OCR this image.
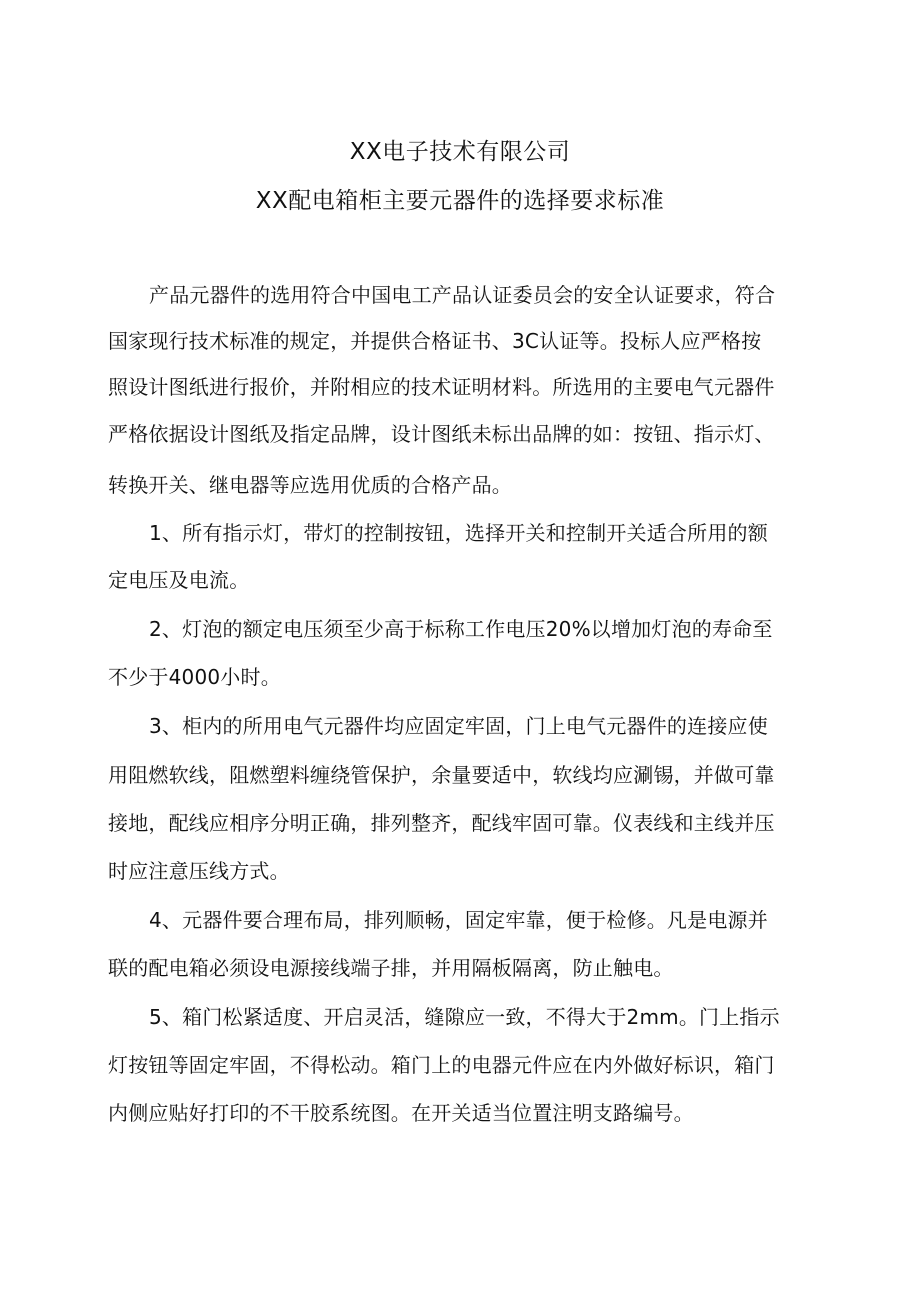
XX电子技术有限公司
XX配电箱柜主要元器件的选择要求标准
产品元器件的选用符合中国电工产品认证委员会的安全认证要求，符合
国家现行技术标准的规定，并提供合格证书、3C认证等。投标人应严格按
照设计图纸进行报价，并附相应的技术证明材料。所选用的主要电气元器件
严格依据设计图纸及指定品牌，设计图纸未标出品牌的如：按钮、指示灯、
转换开关、继电器等应选用优质的合格产品。
1、所有指示灯，带灯的控制按钮，选择开关和控制开关适合所用的额
定电压及电流。
2、灯泡的额定电压须至少高于标称工作电压20%以增加灯泡的寿命至
不少于4000小时。
3、柜内的所用电气元器件均应固定牢固，门上电气元器件的连接应使
用阻燃软线，阻燃塑料缠绕管保护，余量要适中，软线均应涮锡，并做可靠
接地，配线应相序分明正确，排列整齐，配线牢固可靠。仪表线和主线并压
时应注意压线方式。
4、元器件要合理布局，排列顺畅，固定牢靠，便于检修。凡是电源并
联的配电箱必须设电源接线端子排，并用隔板隔离，防止触电。
5、箱门松紧适度、开启灵活，缝隙应一致，不得大于2mm。门上指示
灯按钮等固定牢固，不得松动。箱门上的电器元件应在内外做好标识，箱门
内侧应贴好打印的不干胶系统图。在开关适当位置注明支路编号。
